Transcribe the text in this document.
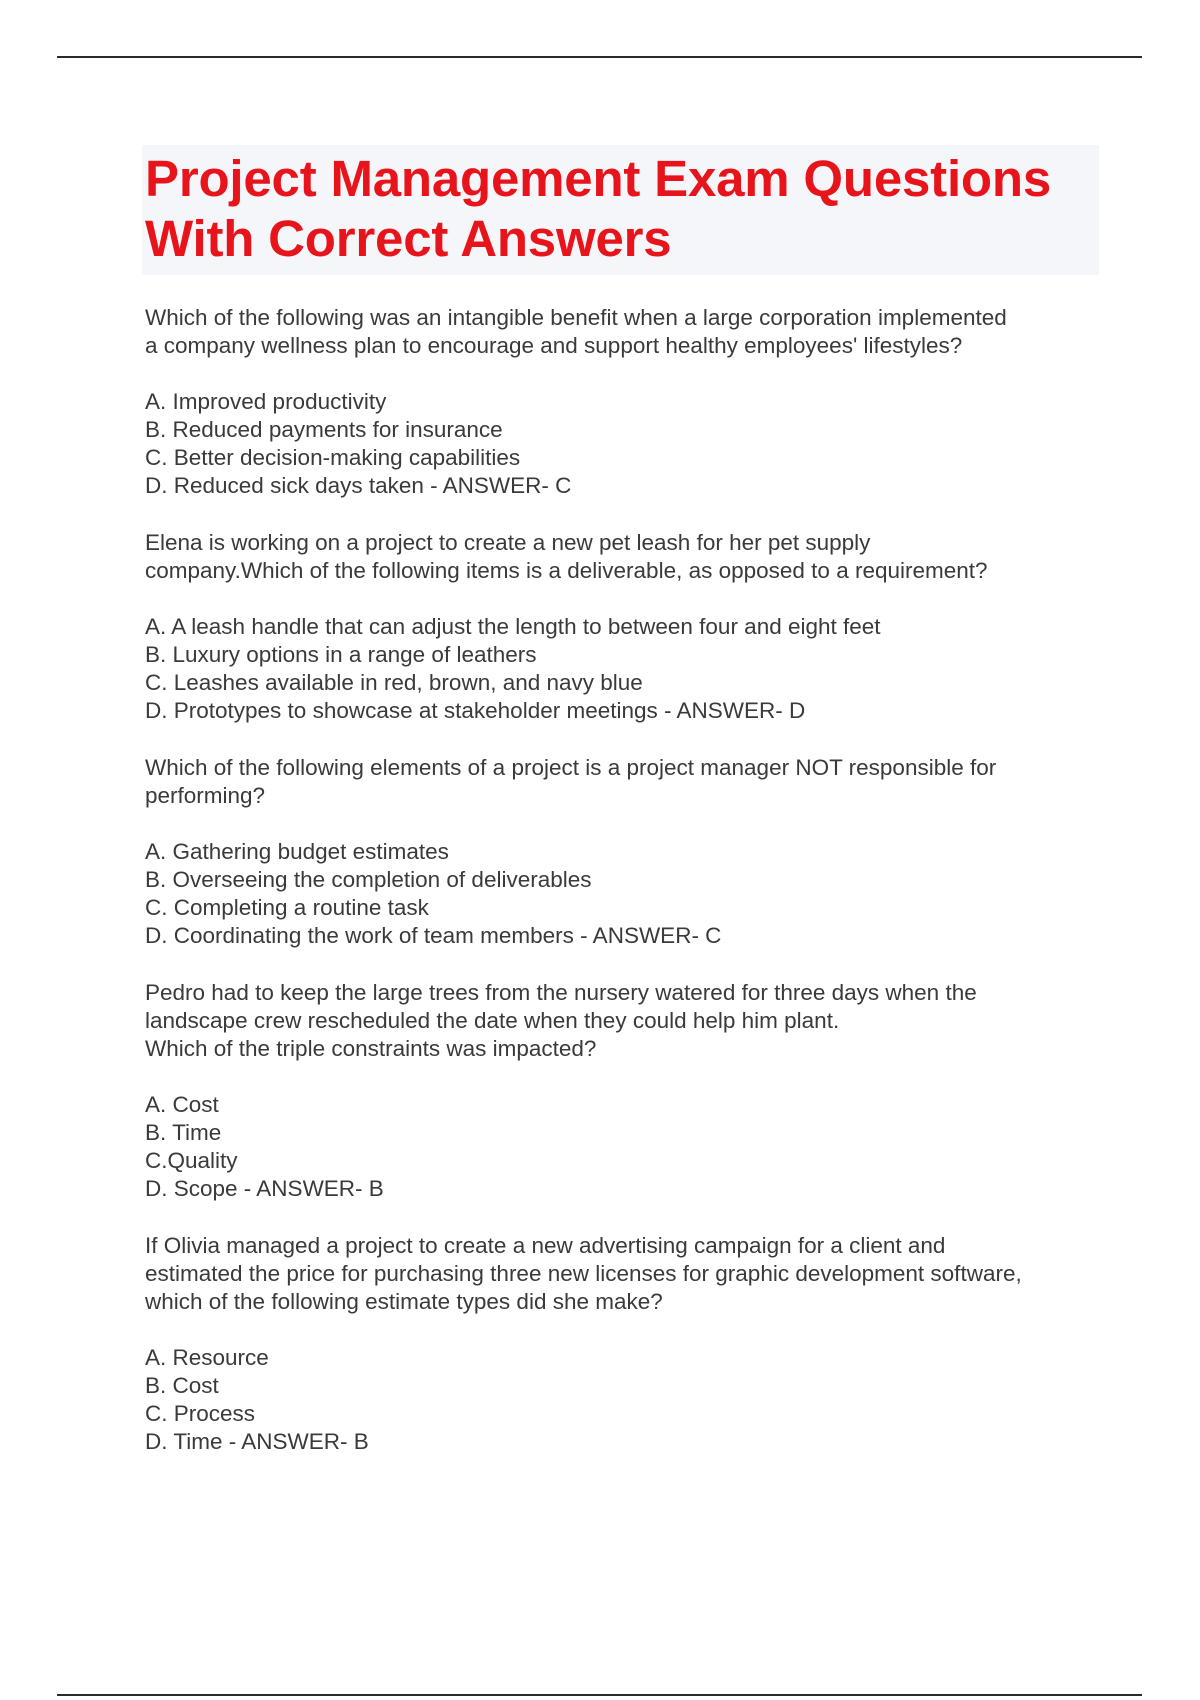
Project Management Exam Questions With Correct Answers

Which of the following was an intangible benefit when a large corporation implemented
a company wellness plan to encourage and support healthy employees' lifestyles?

A. Improved productivity
B. Reduced payments for insurance
C. Better decision-making capabilities
D. Reduced sick days taken - ANSWER- C

Elena is working on a project to create a new pet leash for her pet supply
company.Which of the following items is a deliverable, as opposed to a requirement?

A. A leash handle that can adjust the length to between four and eight feet
B. Luxury options in a range of leathers
C. Leashes available in red, brown, and navy blue
D. Prototypes to showcase at stakeholder meetings - ANSWER- D

Which of the following elements of a project is a project manager NOT responsible for
performing?

A. Gathering budget estimates
B. Overseeing the completion of deliverables
C. Completing a routine task
D. Coordinating the work of team members - ANSWER- C

Pedro had to keep the large trees from the nursery watered for three days when the
landscape crew rescheduled the date when they could help him plant.
Which of the triple constraints was impacted?

A. Cost
B. Time
C.Quality
D. Scope - ANSWER- B

If Olivia managed a project to create a new advertising campaign for a client and
estimated the price for purchasing three new licenses for graphic development software,
which of the following estimate types did she make?

A. Resource
B. Cost
C. Process
D. Time - ANSWER- B
